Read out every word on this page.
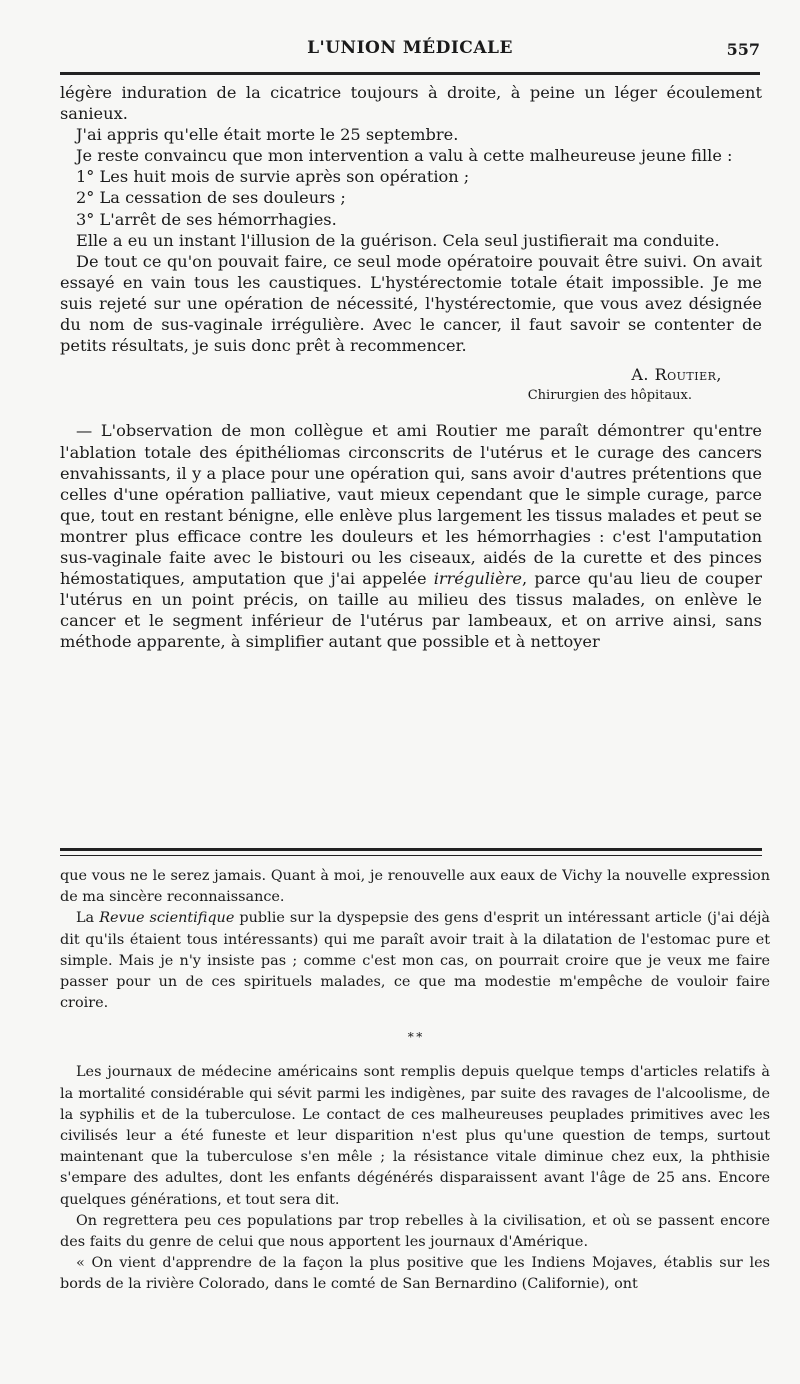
L'UNION MÉDICALE	557

légère induration de la cicatrice toujours à droite, à peine un léger écoulement sanieux.

J'ai appris qu'elle était morte le 25 septembre.

Je reste convaincu que mon intervention a valu à cette malheureuse jeune fille :

1° Les huit mois de survie après son opération ;

2° La cessation de ses douleurs ;

3° L'arrêt de ses hémorrhagies.

Elle a eu un instant l'illusion de la guérison. Cela seul justifierait ma conduite.

De tout ce qu'on pouvait faire, ce seul mode opératoire pouvait être suivi. On avait essayé en vain tous les caustiques. L'hystérectomie totale était impossible. Je me suis rejeté sur une opération de nécessité, l'hystérectomie, que vous avez désignée du nom de sus-vaginale irrégulière. Avec le cancer, il faut savoir se contenter de petits résultats, je suis donc prêt à recommencer.

A. Routier,
Chirurgien des hôpitaux.

— L'observation de mon collègue et ami Routier me paraît démontrer qu'entre l'ablation totale des épithéliomas circonscrits de l'utérus et le curage des cancers envahissants, il y a place pour une opération qui, sans avoir d'autres prétentions que celles d'une opération palliative, vaut mieux cependant que le simple curage, parce que, tout en restant bénigne, elle enlève plus largement les tissus malades et peut se montrer plus efficace contre les douleurs et les hémorrhagies : c'est l'amputation sus-vaginale faite avec le bistouri ou les ciseaux, aidés de la curette et des pinces hémostatiques, amputation que j'ai appelée irrégulière, parce qu'au lieu de couper l'utérus en un point précis, on taille au milieu des tissus malades, on enlève le cancer et le segment inférieur de l'utérus par lambeaux, et on arrive ainsi, sans méthode apparente, à simplifier autant que possible et à nettoyer

que vous ne le serez jamais. Quant à moi, je renouvelle aux eaux de Vichy la nouvelle expression de ma sincère reconnaissance.

La Revue scientifique publie sur la dyspepsie des gens d'esprit un intéressant article (j'ai déjà dit qu'ils étaient tous intéressants) qui me paraît avoir trait à la dilatation de l'estomac pure et simple. Mais je n'y insiste pas ; comme c'est mon cas, on pourrait croire que je veux me faire passer pour un de ces spirituels malades, ce que ma modestie m'empêche de vouloir faire croire.

* *

Les journaux de médecine américains sont remplis depuis quelque temps d'articles relatifs à la mortalité considérable qui sévit parmi les indigènes, par suite des ravages de l'alcoolisme, de la syphilis et de la tuberculose. Le contact de ces malheureuses peuplades primitives avec les civilisés leur a été funeste et leur disparition n'est plus qu'une question de temps, surtout maintenant que la tuberculose s'en mêle ; la résistance vitale diminue chez eux, la phthisie s'empare des adultes, dont les enfants dégénérés disparaissent avant l'âge de 25 ans. Encore quelques générations, et tout sera dit.

On regrettera peu ces populations par trop rebelles à la civilisation, et où se passent encore des faits du genre de celui que nous apportent les journaux d'Amérique.

« On vient d'apprendre de la façon la plus positive que les Indiens Mojaves, établis sur les bords de la rivière Colorado, dans le comté de San Bernardino (Californie), ont
